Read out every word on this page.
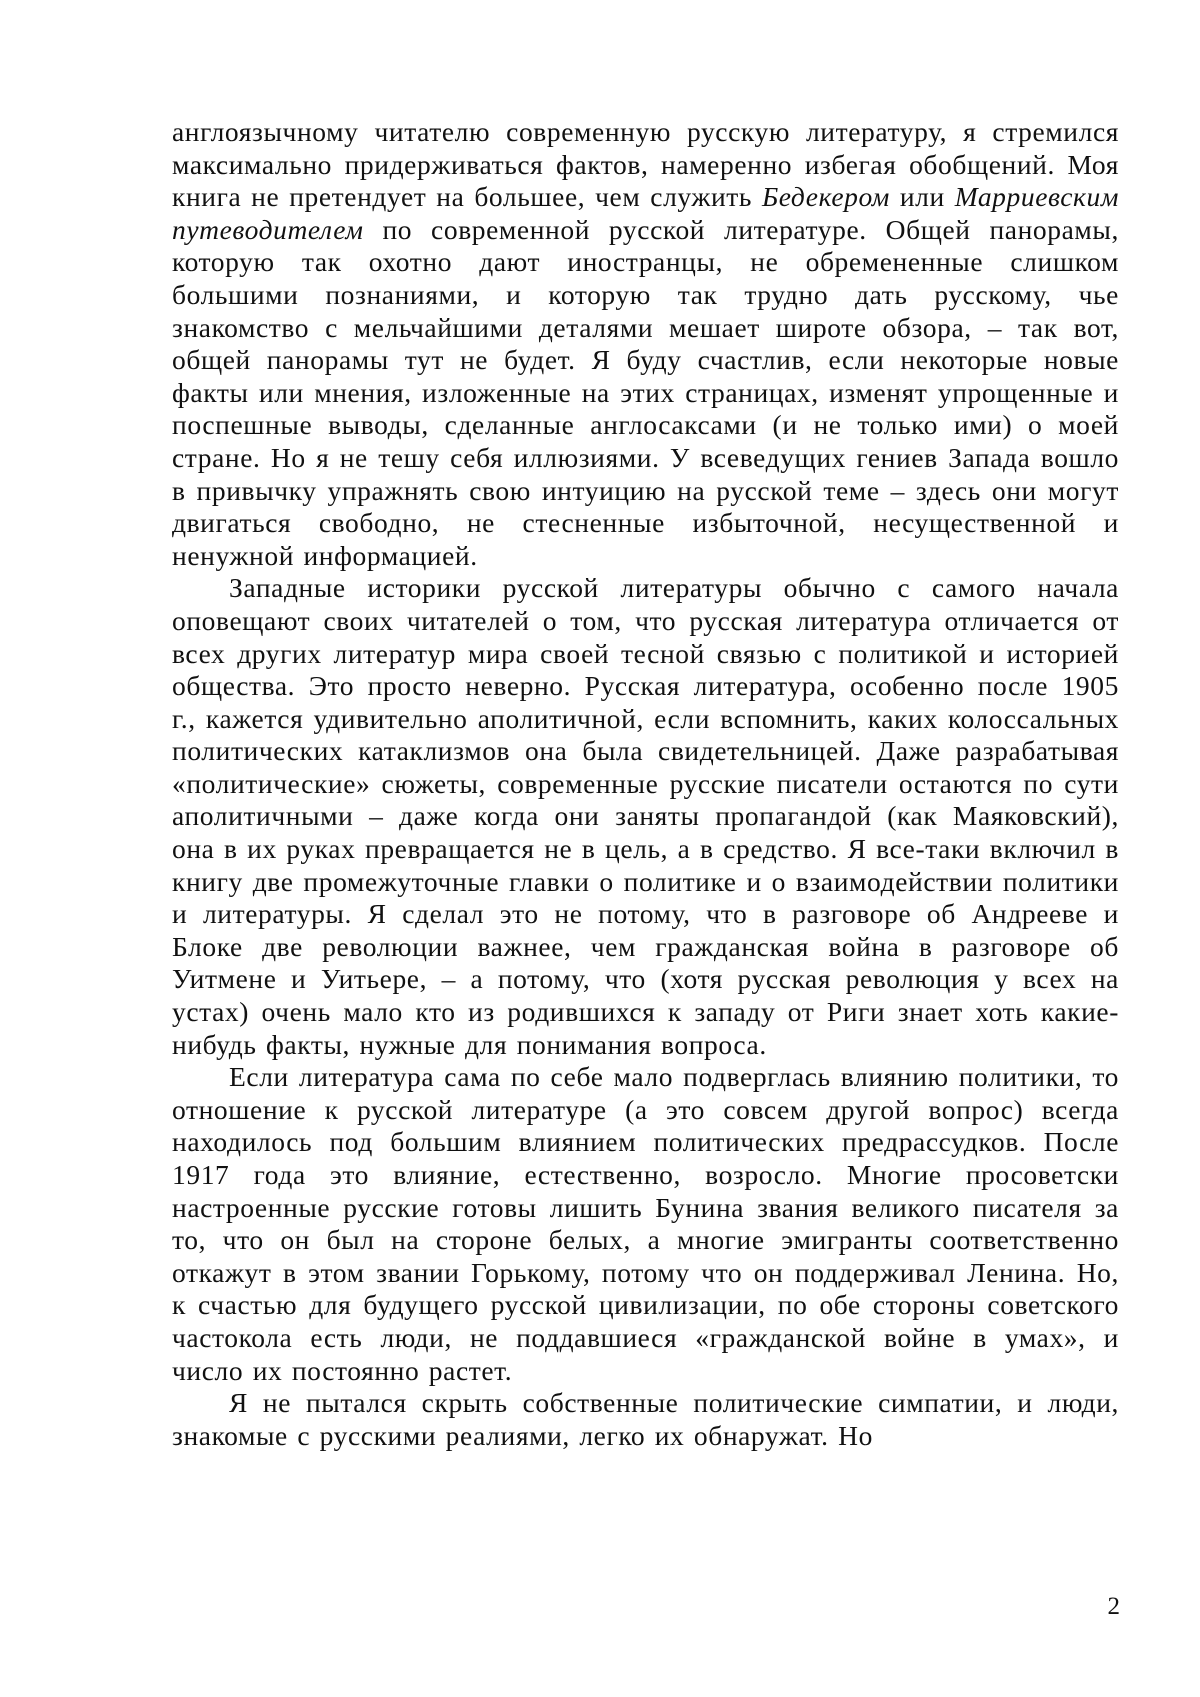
англоязычному читателю современную русскую литературу, я стремился максимально придерживаться фактов, намеренно избегая обобщений. Моя книга не претендует на большее, чем служить Бедекером или Марриевским путеводителем по современной русской литературе. Общей панорамы, которую так охотно дают иностранцы, не обремененные слишком большими познаниями, и которую так трудно дать русскому, чье знакомство с мельчайшими деталями мешает широте обзора, – так вот, общей панорамы тут не будет. Я буду счастлив, если некоторые новые факты или мнения, изложенные на этих страницах, изменят упрощенные и поспешные выводы, сделанные англосаксами (и не только ими) о моей стране. Но я не тешу себя иллюзиями. У всеведущих гениев Запада вошло в привычку упражнять свою интуицию на русской теме – здесь они могут двигаться свободно, не стесненные избыточной, несущественной и ненужной информацией.

Западные историки русской литературы обычно с самого начала оповещают своих читателей о том, что русская литература отличается от всех других литератур мира своей тесной связью с политикой и историей общества. Это просто неверно. Русская литература, особенно после 1905 г., кажется удивительно аполитичной, если вспомнить, каких колоссальных политических катаклизмов она была свидетельницей. Даже разрабатывая «политические» сюжеты, современные русские писатели остаются по сути аполитичными – даже когда они заняты пропагандой (как Маяковский), она в их руках превращается не в цель, а в средство. Я все-таки включил в книгу две промежуточные главки о политике и о взаимодействии политики и литературы. Я сделал это не потому, что в разговоре об Андрееве и Блоке две революции важнее, чем гражданская война в разговоре об Уитмене и Уитьере, – а потому, что (хотя русская революция у всех на устах) очень мало кто из родившихся к западу от Риги знает хоть какие-нибудь факты, нужные для понимания вопроса.

Если литература сама по себе мало подверглась влиянию политики, то отношение к русской литературе (а это совсем другой вопрос) всегда находилось под большим влиянием политических предрассудков. После 1917 года это влияние, естественно, возросло. Многие просоветски настроенные русские готовы лишить Бунина звания великого писателя за то, что он был на стороне белых, а многие эмигранты соответственно откажут в этом звании Горькому, потому что он поддерживал Ленина. Но, к счастью для будущего русской цивилизации, по обе стороны советского частокола есть люди, не поддавшиеся «гражданской войне в умах», и число их постоянно растет.

Я не пытался скрыть собственные политические симпатии, и люди, знакомые с русскими реалиями, легко их обнаружат. Но

2
